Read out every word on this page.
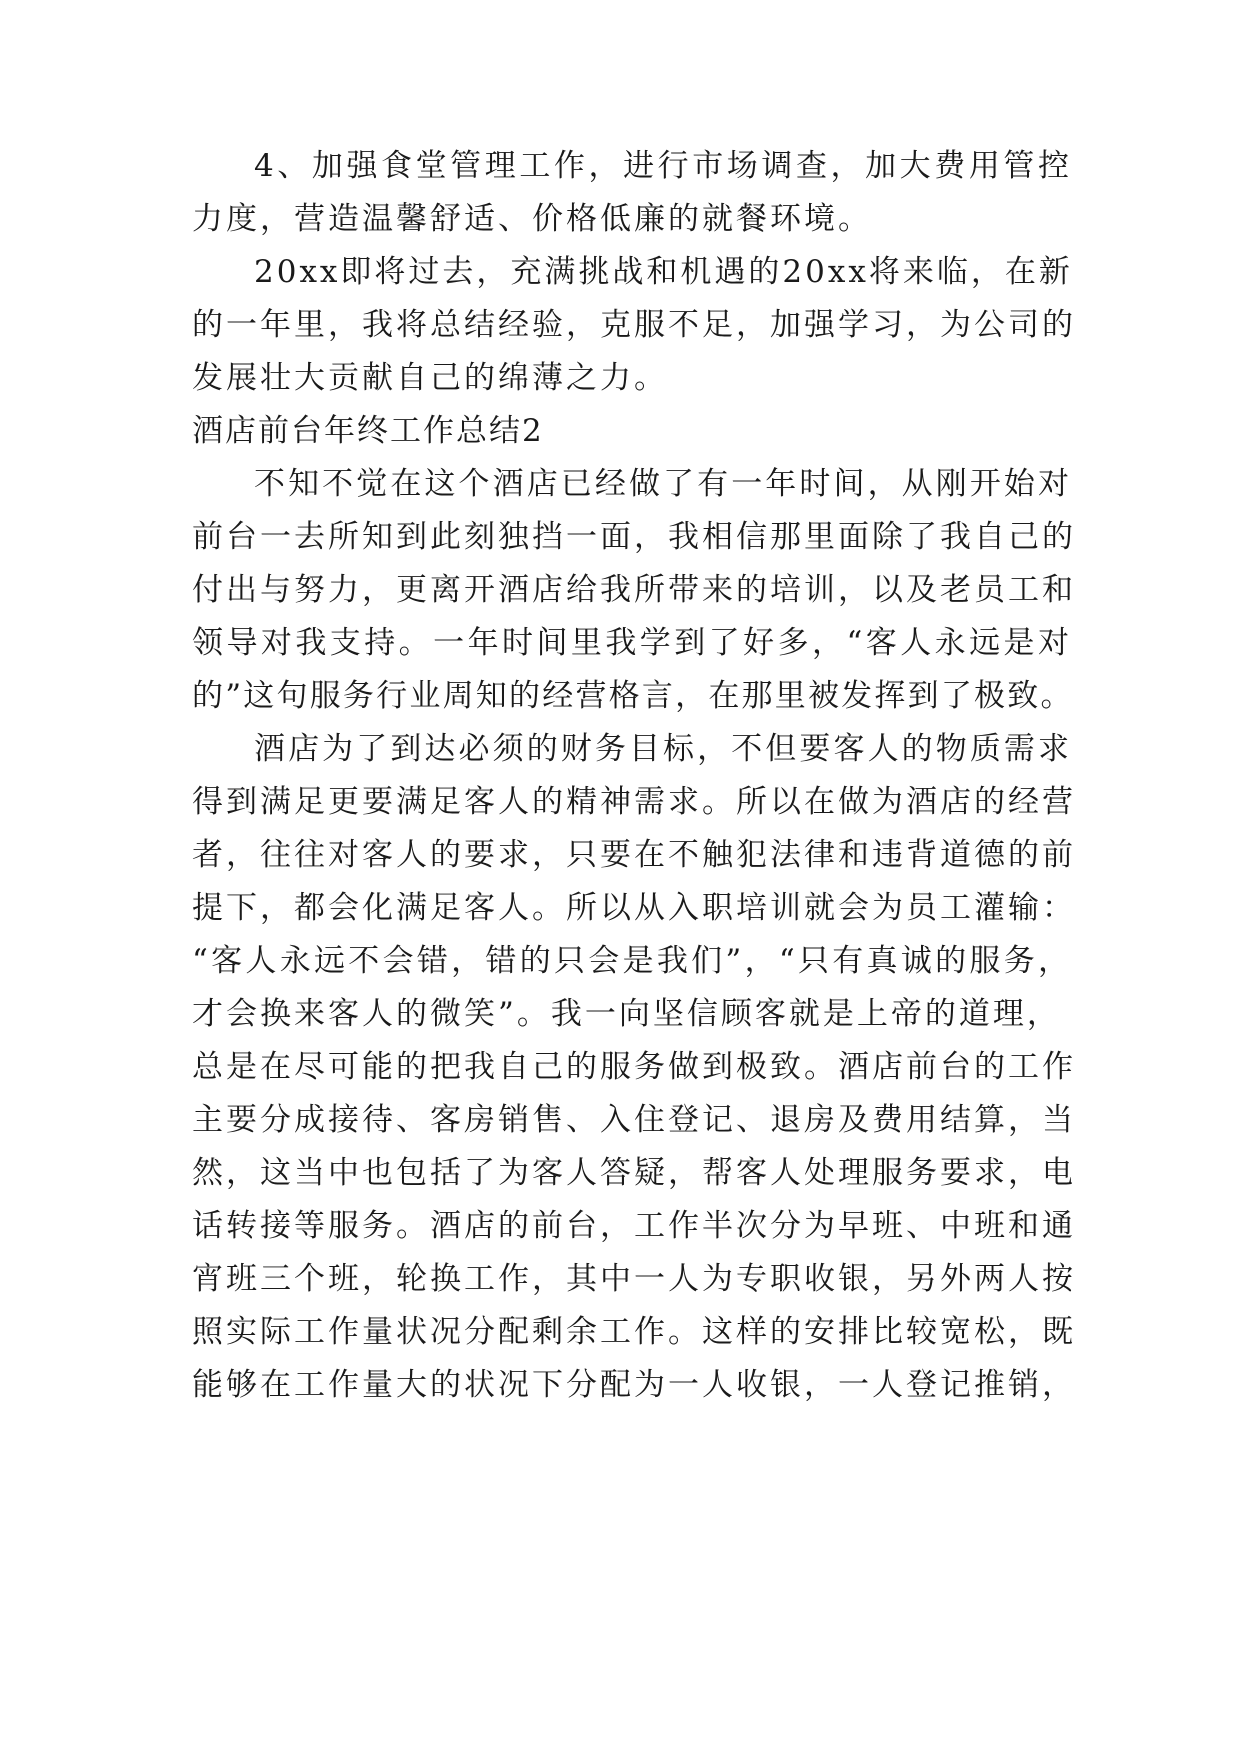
4、加强食堂管理工作，进行市场调查，加大费用管控
力度，营造温馨舒适、价格低廉的就餐环境。
20xx即将过去，充满挑战和机遇的20xx将来临，在新
的一年里，我将总结经验，克服不足，加强学习，为公司的
发展壮大贡献自己的绵薄之力。
酒店前台年终工作总结2
不知不觉在这个酒店已经做了有一年时间，从刚开始对
前台一去所知到此刻独挡一面，我相信那里面除了我自己的
付出与努力，更离开酒店给我所带来的培训，以及老员工和
领导对我支持。一年时间里我学到了好多，“客人永远是对
的”这句服务行业周知的经营格言，在那里被发挥到了极致。
酒店为了到达必须的财务目标，不但要客人的物质需求
得到满足更要满足客人的精神需求。所以在做为酒店的经营
者，往往对客人的要求，只要在不触犯法律和违背道德的前
提下，都会化满足客人。所以从入职培训就会为员工灌输：
“客人永远不会错，错的只会是我们”，“只有真诚的服务，
才会换来客人的微笑”。我一向坚信顾客就是上帝的道理，
总是在尽可能的把我自己的服务做到极致。酒店前台的工作
主要分成接待、客房销售、入住登记、退房及费用结算，当
然，这当中也包括了为客人答疑，帮客人处理服务要求，电
话转接等服务。酒店的前台，工作半次分为早班、中班和通
宵班三个班，轮换工作，其中一人为专职收银，另外两人按
照实际工作量状况分配剩余工作。这样的安排比较宽松，既
能够在工作量大的状况下分配为一人收银，一人登记推销，
